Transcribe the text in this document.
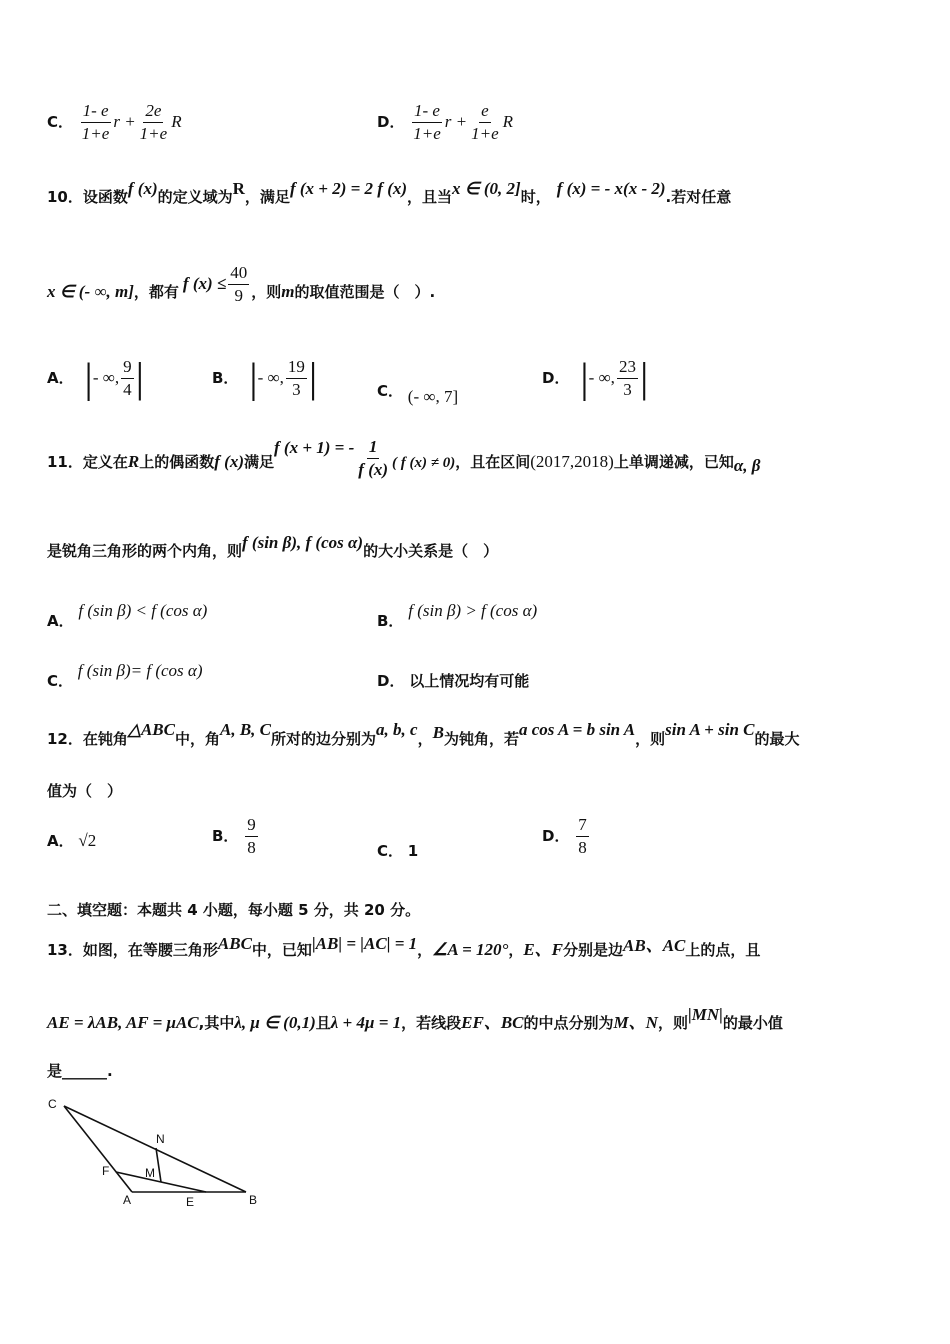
C． $\frac{1- e}{1+e}$ $r + \frac{2e}{1+e}$ R	D． $\frac{1- e}{1+e}$ $r + \frac{e}{1+e}$ R
10．设函数f (x)的定义域为R，满足f (x + 2) = 2 f (x)，且当x ∈ (0, 2]时， f (x) = - x(x - 2).若对任意
x ∈ (- ∞, m]，都有 f $(x) \le \frac{40}{9}$ ，则m的取值范围是（　）.
A． |- ∞, $\frac{9}{4}$ |	B． |- ∞, $\frac{19}{3}$ |	C． (- ∞, 7]
D． |- ∞, $\frac{23}{3}$ |
11．定义在R上的偶函数f (x)满足f (x + 1) = - $\frac{1}{f (x)}$ ( f (x) ≠ 0)，且在区间(2017,2018)上单调递减，已知α, β
是锐角三角形的两个内角，则f (sin β), f (cos α)的大小关系是（　）
A． f (sin β) < f (cos α)
B． f (sin β) > f (cos α)
C． f (sin β)= f (cos α)
D． 以上情况均有可能
12．在钝角△ABC中，角A, B, C所对的边分别为a, b, c，B为钝角，若a cos A = b sin A，则sin A + sin C的最大
值为（　）
A． √2	B． $\frac{9}{8}$	C． 1
D． $\frac{7}{8}$
二、填空题：本题共 4 小题，每小题 5 分，共 20 分。
13．如图，在等腰三角形ABC中，已知|AB| = |AC| = 1，∠A = 120°，E、F分别是边AB、AC上的点，且
AE = λAB, AF = μAC,其中λ, μ ∈ (0,1)且λ + 4μ = 1，若线段EF、BC的中点分别为M、N，则|MN|的最小值
是______.
C
N
F	M
A	E	B
